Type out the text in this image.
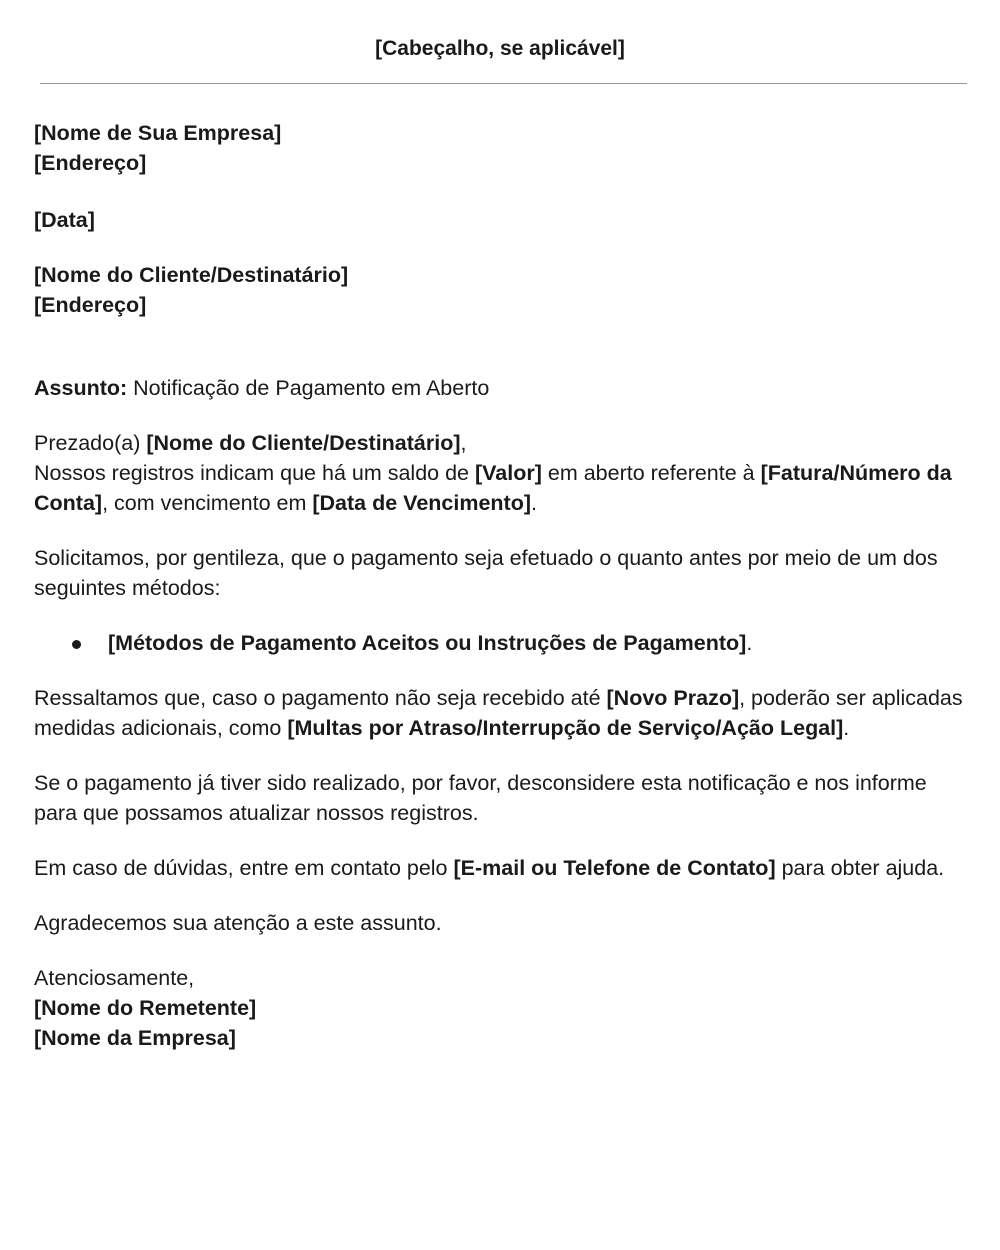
[Cabeçalho, se aplicável]

[Nome de Sua Empresa]
[Endereço]

[Data]

[Nome do Cliente/Destinatário]
[Endereço]

Assunto: Notificação de Pagamento em Aberto

Prezado(a) [Nome do Cliente/Destinatário],

Nossos registros indicam que há um saldo de [Valor] em aberto referente à [Fatura/Número da Conta], com vencimento em [Data de Vencimento].

Solicitamos, por gentileza, que o pagamento seja efetuado o quanto antes por meio de um dos seguintes métodos:

[Métodos de Pagamento Aceitos ou Instruções de Pagamento].

Ressaltamos que, caso o pagamento não seja recebido até [Novo Prazo], poderão ser aplicadas medidas adicionais, como [Multas por Atraso/Interrupção de Serviço/Ação Legal].

Se o pagamento já tiver sido realizado, por favor, desconsidere esta notificação e nos informe para que possamos atualizar nossos registros.

Em caso de dúvidas, entre em contato pelo [E-mail ou Telefone de Contato] para obter ajuda.

Agradecemos sua atenção a este assunto.

Atenciosamente,
[Nome do Remetente]
[Nome da Empresa]
